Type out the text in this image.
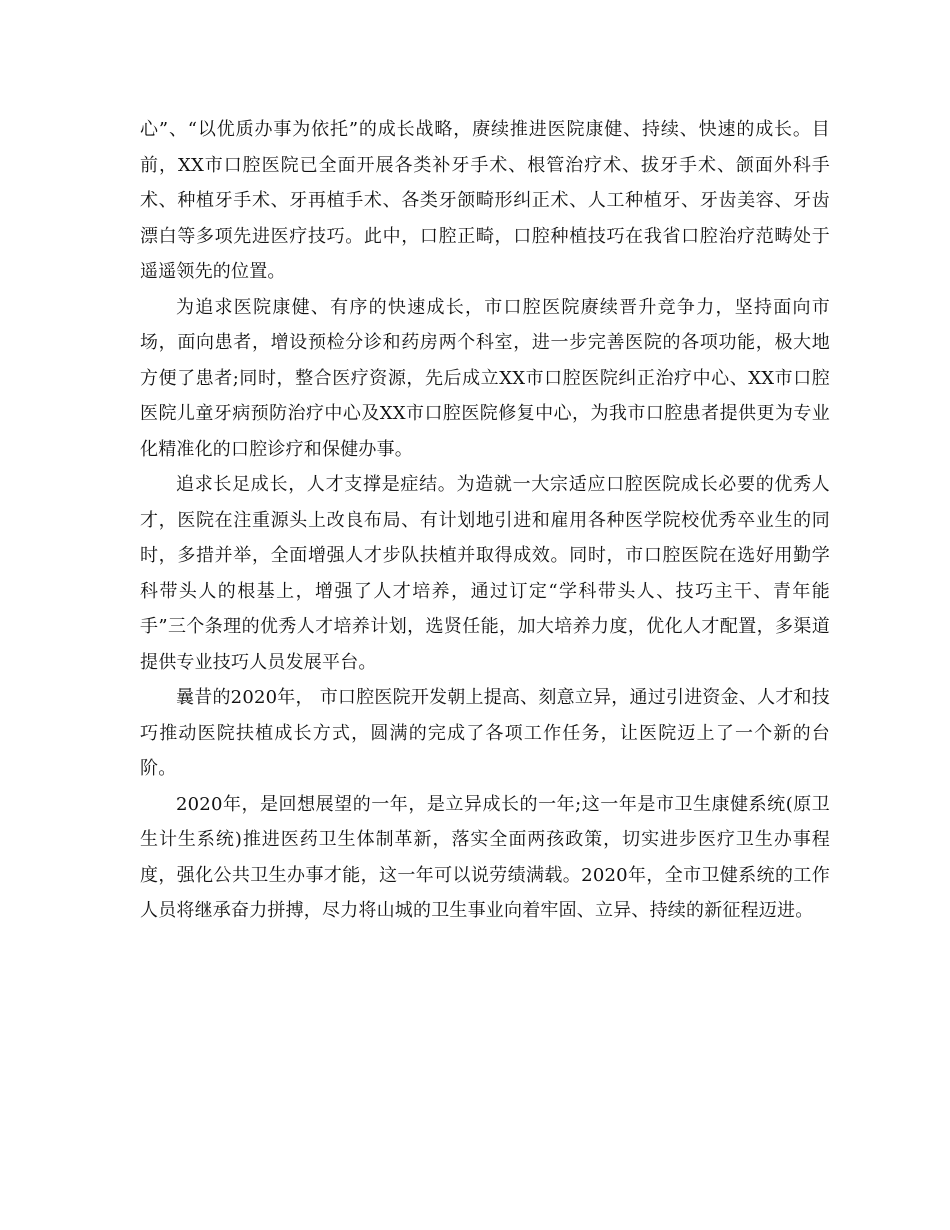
心”、“以优质办事为依托”的成长战略，赓续推进医院康健、持续、快速的成长。目前，XX市口腔医院已全面开展各类补牙手术、根管治疗术、拔牙手术、颌面外科手术、种植牙手术、牙再植手术、各类牙颌畸形纠正术、人工种植牙、牙齿美容、牙齿漂白等多项先进医疗技巧。此中，口腔正畸，口腔种植技巧在我省口腔治疗范畴处于遥遥领先的位置。

为追求医院康健、有序的快速成长，市口腔医院赓续晋升竞争力，坚持面向市场，面向患者，增设预检分诊和药房两个科室，进一步完善医院的各项功能，极大地方便了患者;同时，整合医疗资源，先后成立XX市口腔医院纠正治疗中心、XX市口腔医院儿童牙病预防治疗中心及XX市口腔医院修复中心，为我市口腔患者提供更为专业化精准化的口腔诊疗和保健办事。

追求长足成长，人才支撑是症结。为造就一大宗适应口腔医院成长必要的优秀人才，医院在注重源头上改良布局、有计划地引进和雇用各种医学院校优秀卒业生的同时，多措并举，全面增强人才步队扶植并取得成效。同时，市口腔医院在选好用勤学科带头人的根基上，增强了人才培养，通过订定“学科带头人、技巧主干、青年能手”三个条理的优秀人才培养计划，选贤任能，加大培养力度，优化人才配置，多渠道提供专业技巧人员发展平台。

曩昔的2020年， 市口腔医院开发朝上提高、刻意立异，通过引进资金、人才和技巧推动医院扶植成长方式，圆满的完成了各项工作任务，让医院迈上了一个新的台阶。

2020年，是回想展望的一年，是立异成长的一年;这一年是市卫生康健系统(原卫生计生系统)推进医药卫生体制革新，落实全面两孩政策，切实进步医疗卫生办事程度，强化公共卫生办事才能，这一年可以说劳绩满载。2020年，全市卫健系统的工作人员将继承奋力拼搏，尽力将山城的卫生事业向着牢固、立异、持续的新征程迈进。
